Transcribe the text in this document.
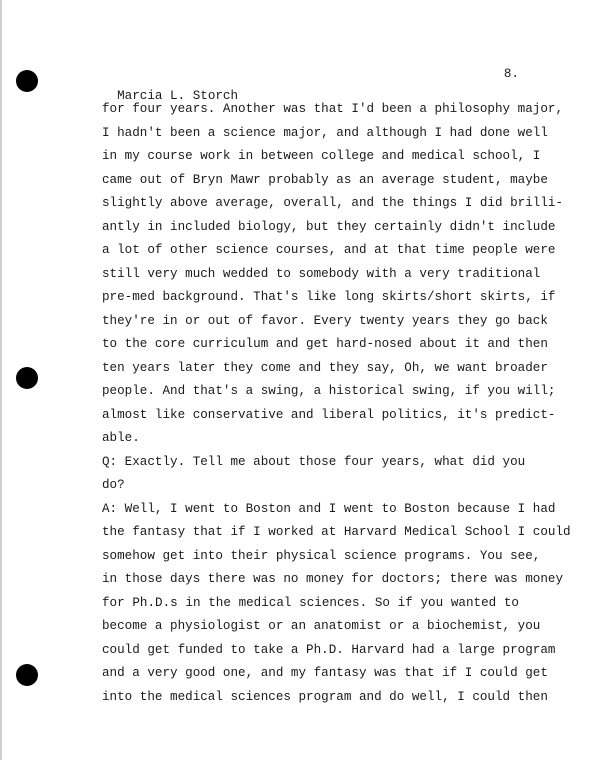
Marcia L. Storch

8.

for four years. Another was that I'd been a philosophy major,
I hadn't been a science major, and although I had done well
in my course work in between college and medical school, I
came out of Bryn Mawr probably as an average student, maybe
slightly above average, overall, and the things I did brilli-
antly in included biology, but they certainly didn't include
a lot of other science courses, and at that time people were
still very much wedded to somebody with a very traditional
pre-med background. That's like long skirts/short skirts, if
they're in or out of favor. Every twenty years they go back
to the core curriculum and get hard-nosed about it and then
ten years later they come and they say, Oh, we want broader
people. And that's a swing, a historical swing, if you will;
almost like conservative and liberal politics, it's predict-
able.
Q: Exactly. Tell me about those four years, what did you
do?
A: Well, I went to Boston and I went to Boston because I had
the fantasy that if I worked at Harvard Medical School I could
somehow get into their physical science programs. You see,
in those days there was no money for doctors; there was money
for Ph.D.s in the medical sciences. So if you wanted to
become a physiologist or an anatomist or a biochemist, you
could get funded to take a Ph.D. Harvard had a large program
and a very good one, and my fantasy was that if I could get
into the medical sciences program and do well, I could then
